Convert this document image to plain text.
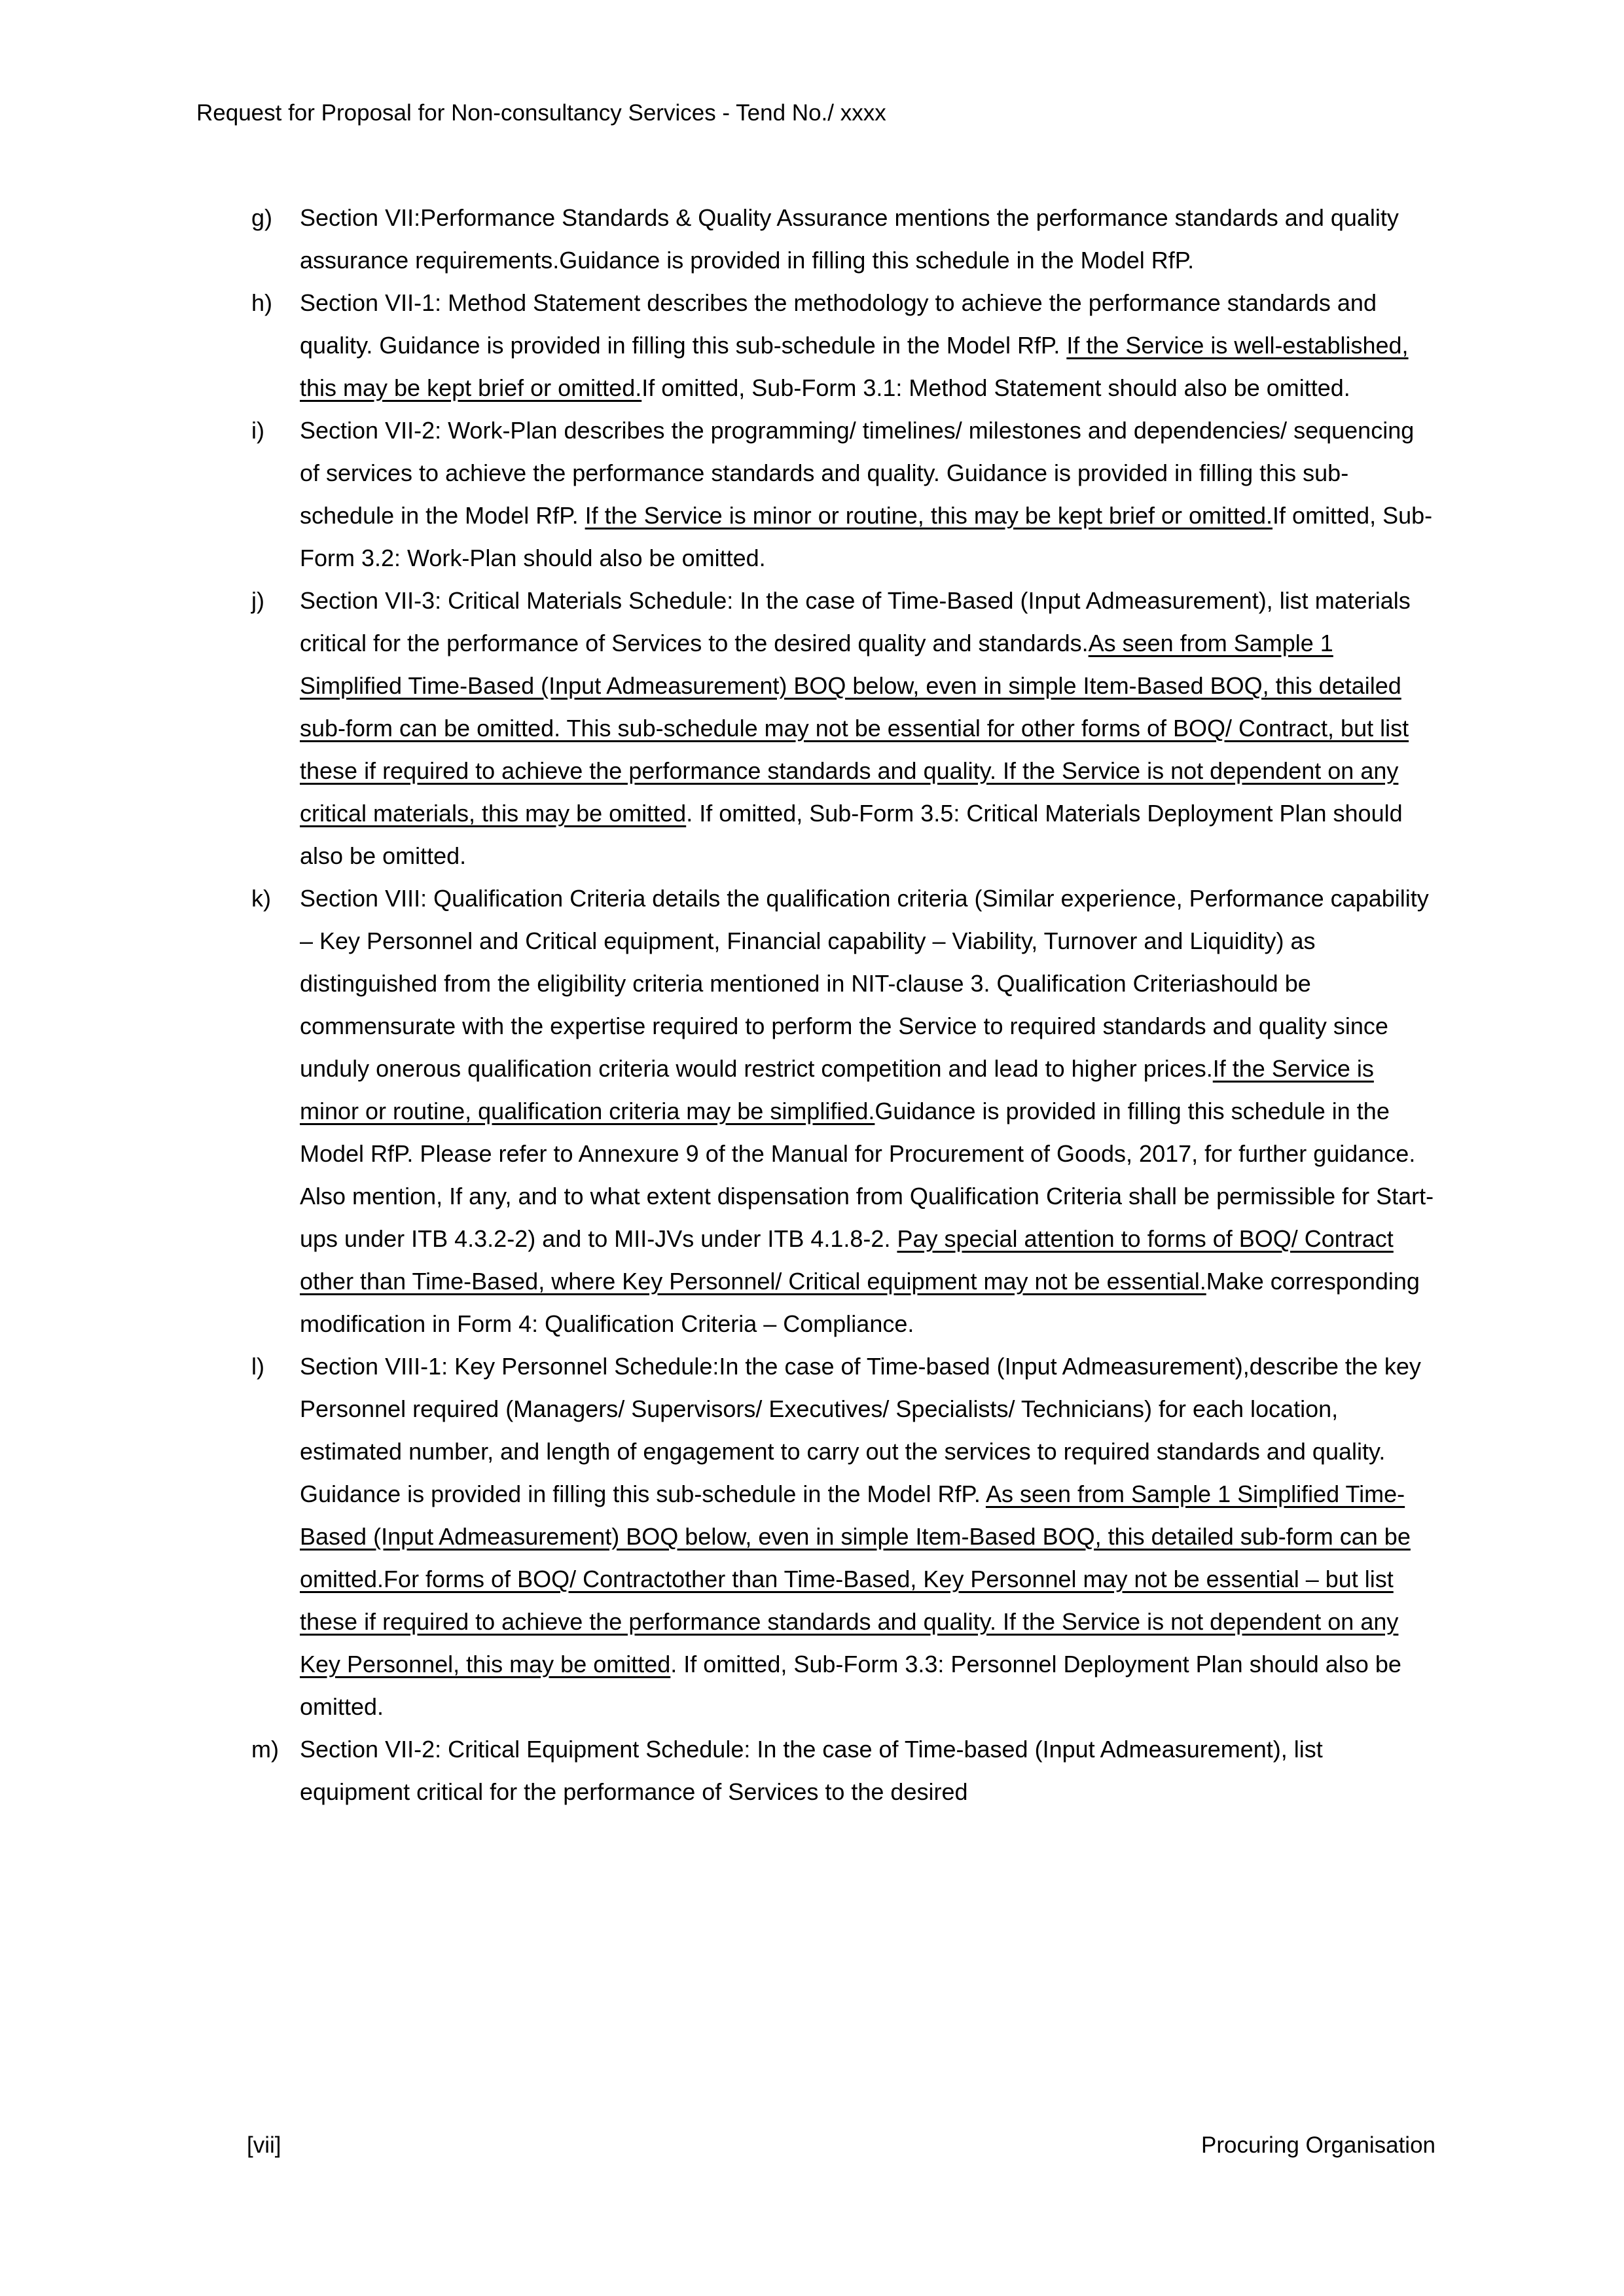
Request for Proposal for Non-consultancy Services - Tend No./ xxxx
g)	Section VII:Performance Standards & Quality Assurance mentions the performance standards and quality assurance requirements.Guidance is provided in filling this schedule in the Model RfP.
h)	Section VII-1: Method Statement describes the methodology to achieve the performance standards and quality. Guidance is provided in filling this sub-schedule in the Model RfP. If the Service is well-established, this may be kept brief or omitted.If omitted, Sub-Form 3.1: Method Statement should also be omitted.
i)	Section VII-2: Work-Plan describes the programming/ timelines/ milestones and dependencies/ sequencing of services to achieve the performance standards and quality. Guidance is provided in filling this sub-schedule in the Model RfP. If the Service is minor or routine, this may be kept brief or omitted.If omitted, Sub-Form 3.2: Work-Plan should also be omitted.
j)	Section VII-3: Critical Materials Schedule: In the case of Time-Based (Input Admeasurement), list materials critical for the performance of Services to the desired quality and standards.As seen from Sample 1 Simplified Time-Based (Input Admeasurement) BOQ below, even in simple Item-Based BOQ, this detailed sub-form can be omitted. This sub-schedule may not be essential for other forms of BOQ/ Contract, but list these if required to achieve the performance standards and quality. If the Service is not dependent on any critical materials, this may be omitted. If omitted, Sub-Form 3.5: Critical Materials Deployment Plan should also be omitted.
k)	Section VIII: Qualification Criteria details the qualification criteria (Similar experience, Performance capability – Key Personnel and Critical equipment, Financial capability – Viability, Turnover and Liquidity) as distinguished from the eligibility criteria mentioned in NIT-clause 3. Qualification Criteriashould be commensurate with the expertise required to perform the Service to required standards and quality since unduly onerous qualification criteria would restrict competition and lead to higher prices.If the Service is minor or routine, qualification criteria may be simplified.Guidance is provided in filling this schedule in the Model RfP. Please refer to Annexure 9 of the Manual for Procurement of Goods, 2017, for further guidance. Also mention, If any, and to what extent dispensation from Qualification Criteria shall be permissible for Start-ups under ITB 4.3.2-2) and to MII-JVs under ITB 4.1.8-2. Pay special attention to forms of BOQ/ Contract other than Time-Based, where Key Personnel/ Critical equipment may not be essential.Make corresponding modification in Form 4: Qualification Criteria – Compliance.
l)	Section VIII-1: Key Personnel Schedule:In the case of Time-based (Input Admeasurement),describe the key Personnel required (Managers/ Supervisors/ Executives/ Specialists/ Technicians) for each location, estimated number, and length of engagement to carry out the services to required standards and quality. Guidance is provided in filling this sub-schedule in the Model RfP. As seen from Sample 1 Simplified Time-Based (Input Admeasurement) BOQ below, even in simple Item-Based BOQ, this detailed sub-form can be omitted.For forms of BOQ/ Contractother than Time-Based, Key Personnel may not be essential – but list these if required to achieve the performance standards and quality. If the Service is not dependent on any Key Personnel, this may be omitted. If omitted, Sub-Form 3.3: Personnel Deployment Plan should also be omitted.
m) Section VII-2: Critical Equipment Schedule: In the case of Time-based (Input Admeasurement), list equipment critical for the performance of Services to the desired
[vii]	Procuring Organisation
